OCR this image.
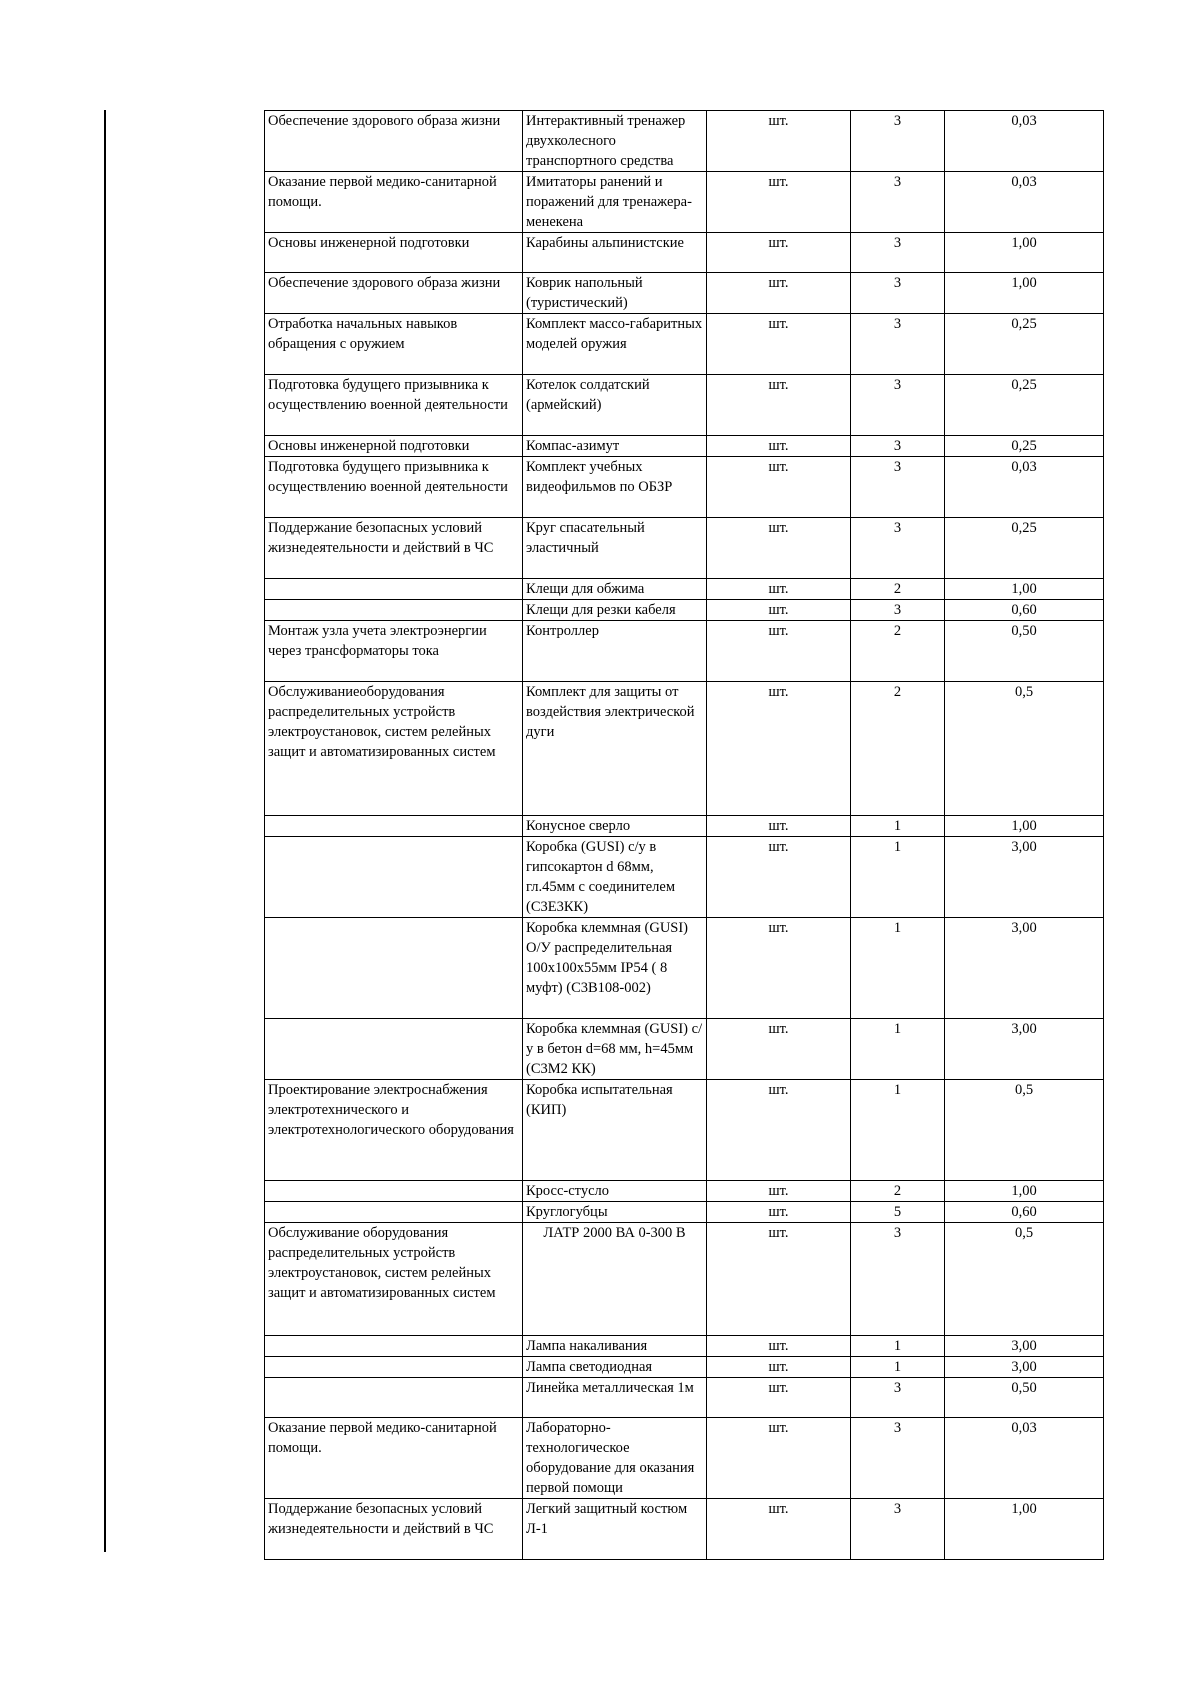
Обеспечение здорового образа жизни	Интерактивный тренажер двухколесного транспортного средства	шт.	3	0,03
Оказание первой медико-санитарной помощи.	Имитаторы ранений и поражений для тренажера-менекена	шт.	3	0,03
Основы инженерной подготовки	Карабины альпинистские	шт.	3	1,00
Обеспечение здорового образа жизни	Коврик напольный (туристический)	шт.	3	1,00
Отработка начальных навыков обращения с оружием	Комплект массо-габаритных моделей оружия	шт.	3	0,25
Подготовка будущего призывника к осуществлению военной деятельности	Котелок солдатский (армейский)	шт.	3	0,25
Основы инженерной подготовки	Компас-азимут	шт.	3	0,25
Подготовка будущего призывника к осуществлению военной деятельности	Комплект учебных видеофильмов по ОБЗР	шт.	3	0,03
Поддержание безопасных условий жизнедеятельности и действий в ЧС	Круг спасательный эластичный	шт.	3	0,25
	Клещи для обжима	шт.	2	1,00
	Клещи для резки кабеля	шт.	3	0,60
Монтаж узла учета электроэнергии через трансформаторы тока	Контроллер	шт.	2	0,50
Обслуживаниеоборудования распределительных устройств электроустановок, систем релейных защит и автоматизированных систем	Комплект для защиты от воздействия электрической дуги	шт.	2	0,5
	Конусное сверло	шт.	1	1,00
	Коробка (GUSI) с/у в гипсокартон d 68мм, гл.45мм с соединителем (С3Е3КК)	шт.	1	3,00
	Коробка клеммная (GUSI) О/У распределительная 100х100х55мм IP54 ( 8 муфт) (С3В108-002)	шт.	1	3,00
	Коробка клеммная (GUSI) с/у в бетон d=68 мм, h=45мм (С3М2 КК)	шт.	1	3,00
Проектирование электроснабжения электротехнического и электротехнологического оборудования	Коробка испытательная (КИП)	шт.	1	0,5
	Кросс-стусло	шт.	2	1,00
	Круглогубцы	шт.	5	0,60
Обслуживание оборудования распределительных устройств электроустановок, систем релейных защит и автоматизированных систем	ЛАТР 2000 ВА 0-300 В	шт.	3	0,5
	Лампа накаливания	шт.	1	3,00
	Лампа светодиодная	шт.	1	3,00
	Линейка металлическая 1м	шт.	3	0,50
Оказание первой медико-санитарной помощи.	Лабораторно-технологическое оборудование для оказания первой помощи	шт.	3	0,03
Поддержание безопасных условий жизнедеятельности и действий в ЧС	Легкий защитный костюм Л-1	шт.	3	1,00
